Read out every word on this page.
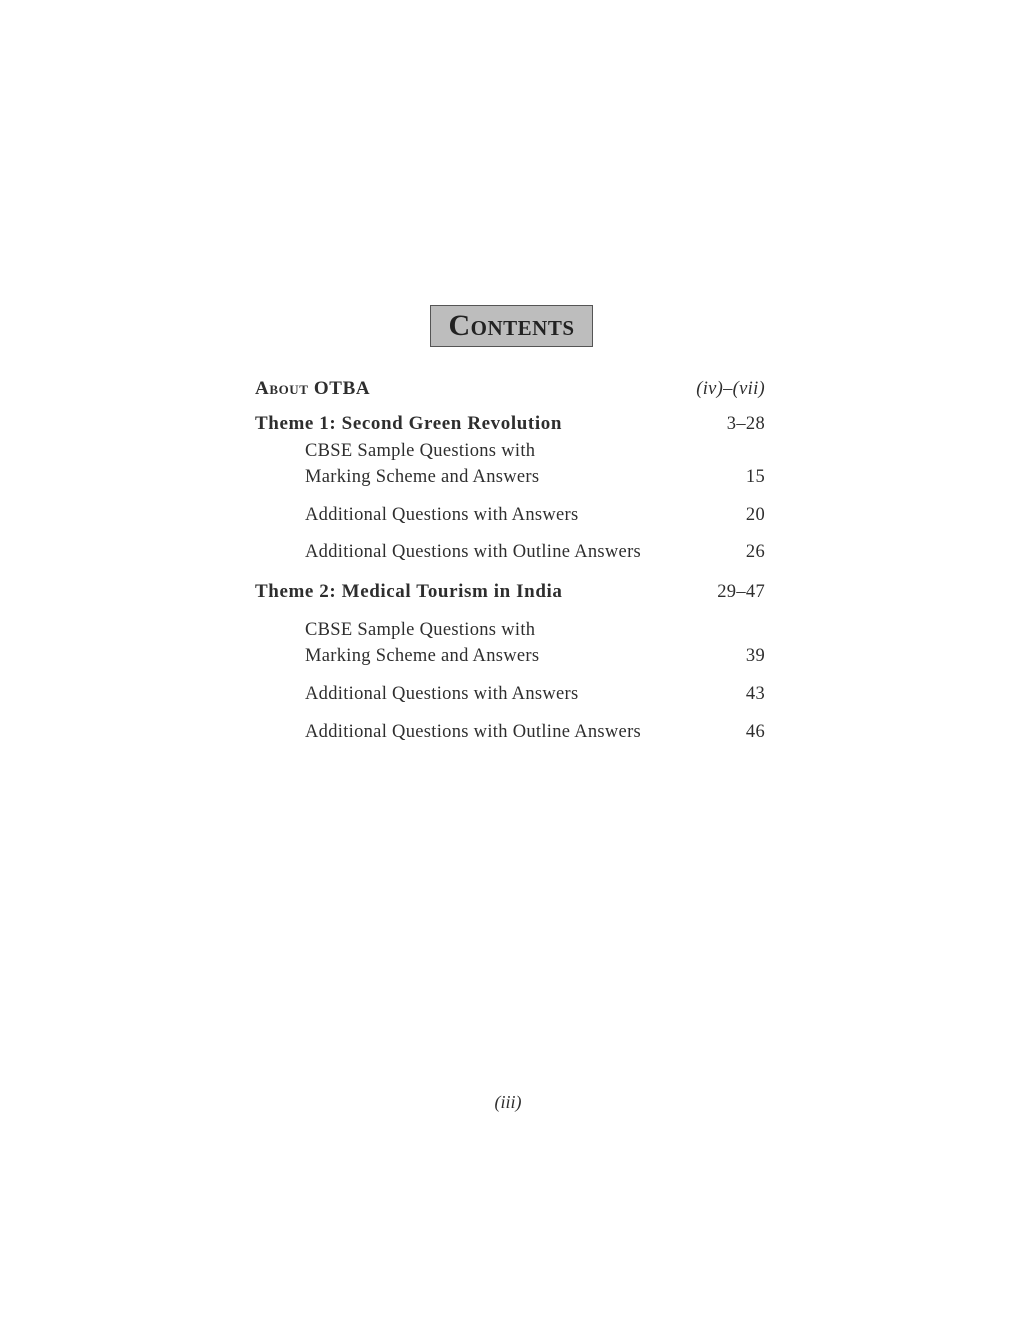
Contents
About OTBA	(iv)–(vii)
Theme 1: Second Green Revolution	3–28
CBSE Sample Questions with
Marking Scheme and Answers	15
Additional Questions with Answers	20
Additional Questions with Outline Answers	26
Theme 2: Medical Tourism in India	29–47
CBSE Sample Questions with
Marking Scheme and Answers	39
Additional Questions with Answers	43
Additional Questions with Outline Answers	46
(iii)
